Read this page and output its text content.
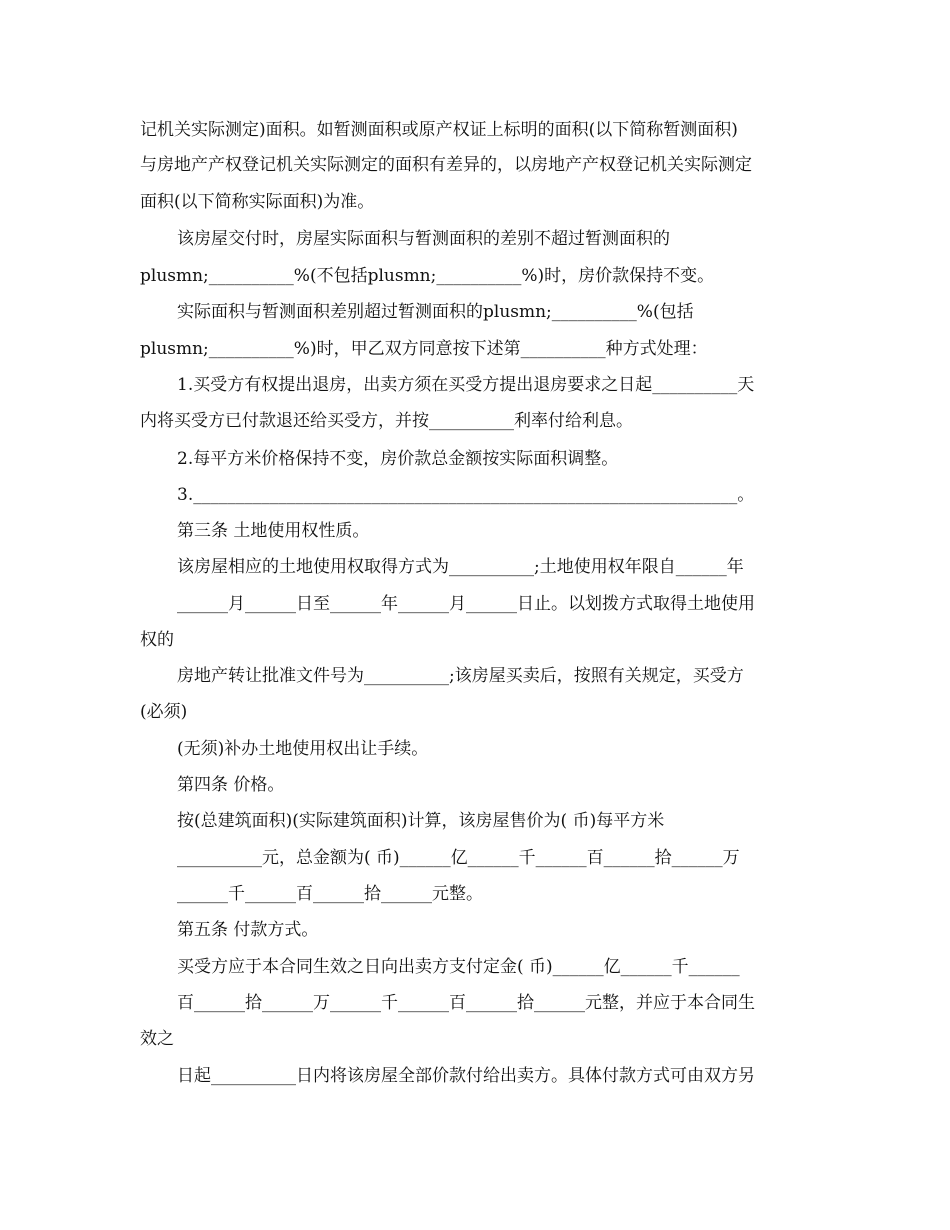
记机关实际测定)面积。如暂测面积或原产权证上标明的面积(以下简称暂测面积)
与房地产产权登记机关实际测定的面积有差异的，以房地产产权登记机关实际测定
面积(以下简称实际面积)为准。
该房屋交付时，房屋实际面积与暂测面积的差别不超过暂测面积的
plusmn;__________%(不包括plusmn;__________%)时，房价款保持不变。
实际面积与暂测面积差别超过暂测面积的plusmn;__________%(包括
plusmn;__________%)时，甲乙双方同意按下述第__________种方式处理：
1.买受方有权提出退房，出卖方须在买受方提出退房要求之日起__________天
内将买受方已付款退还给买受方，并按__________利率付给利息。
2.每平方米价格保持不变，房价款总金额按实际面积调整。
3.________________________________________________________________。
第三条 土地使用权性质。
该房屋相应的土地使用权取得方式为__________;土地使用权年限自______年
______月______日至______年______月______日止。以划拨方式取得土地使用
权的
房地产转让批准文件号为__________;该房屋买卖后，按照有关规定，买受方
(必须)
(无须)补办土地使用权出让手续。
第四条 价格。
按(总建筑面积)(实际建筑面积)计算，该房屋售价为( 币)每平方米
__________元，总金额为( 币)______亿______千______百______拾______万
______千______百______拾______元整。
第五条 付款方式。
买受方应于本合同生效之日向出卖方支付定金( 币)______亿______千______
百______拾______万______千______百______拾______元整，并应于本合同生
效之
日起__________日内将该房屋全部价款付给出卖方。具体付款方式可由双方另
